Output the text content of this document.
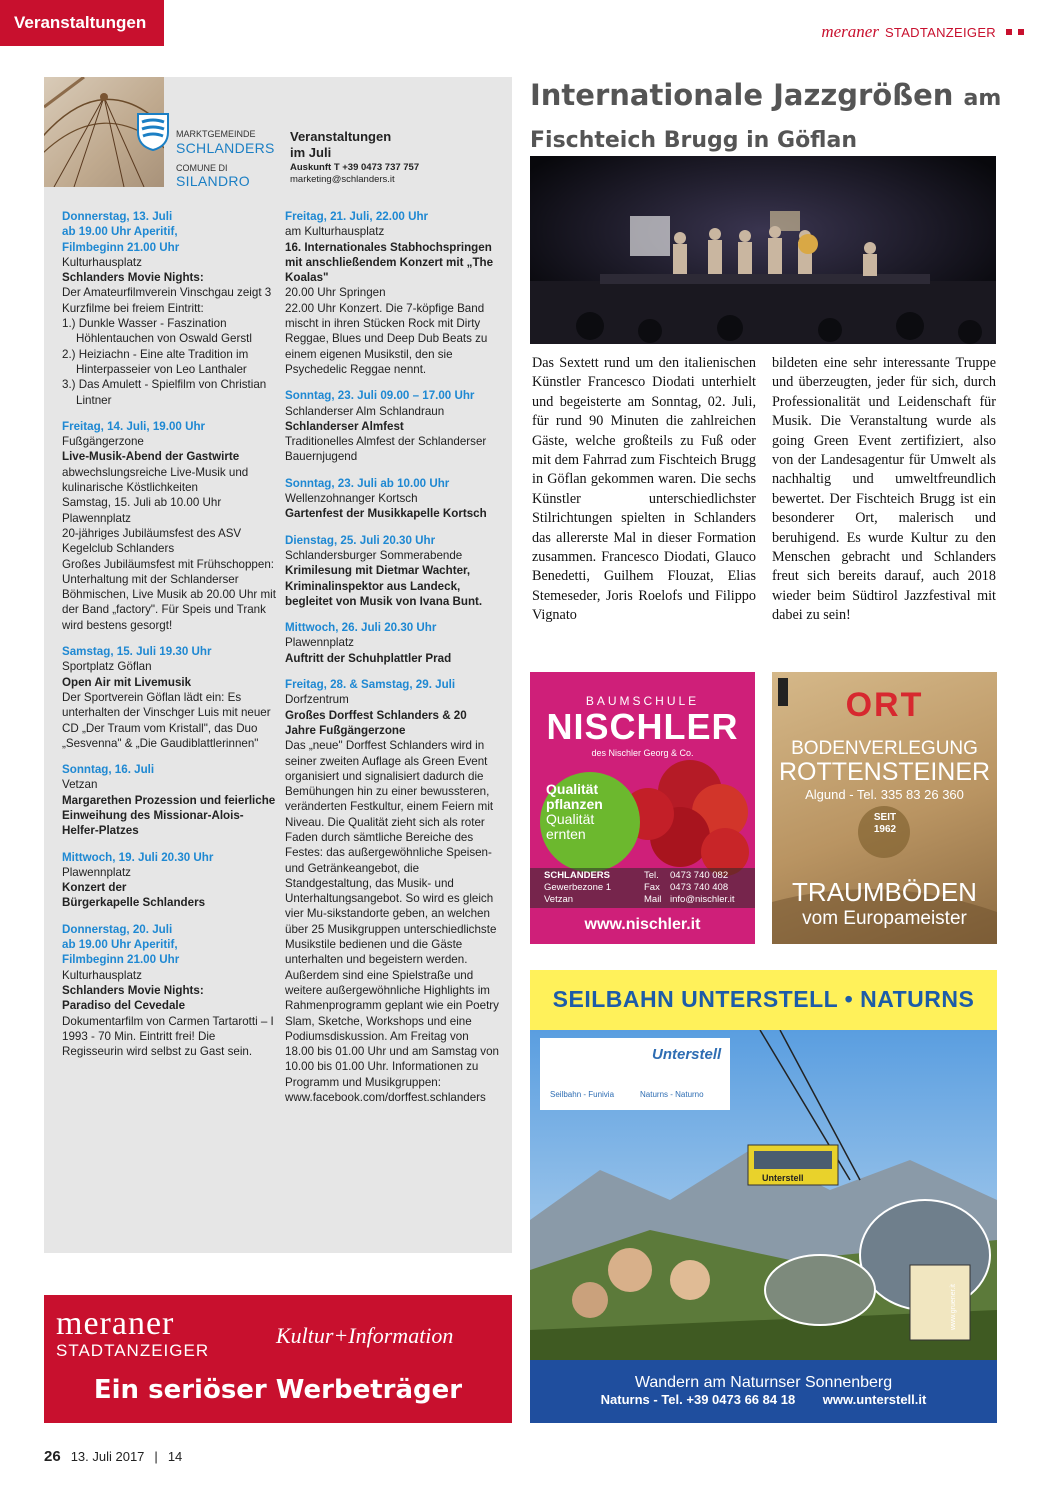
Veranstaltungen	meraner STADTANZEIGER
MARKTGEMEINDE
SCHLANDERS
COMUNE DI
SILANDRO
Veranstaltungen
im Juli
Auskunft T +39 0473 737 757
marketing@schlanders.it
Donnerstag, 13. Juli
ab 19.00 Uhr Aperitif,
Filmbeginn 21.00 Uhr
Kulturhausplatz
Schlanders Movie Nights:
Der Amateurfilmverein Vinschgau zeigt 3 Kurzfilme bei freiem Eintritt:
1.) Dunkle Wasser - Faszination Höhlentauchen von Oswald Gerstl
2.) Heiziachn - Eine alte Tradition im Hinterpasseier von Leo Lanthaler
3.) Das Amulett - Spielfilm von Christian Lintner
Freitag, 14. Juli, 19.00 Uhr
Fußgängerzone
Live-Musik-Abend der Gastwirte
abwechslungsreiche Live-Musik und kulinarische Köstlichkeiten
Samstag, 15. Juli ab 10.00 Uhr
Plawennplatz
20-jähriges Jubiläumsfest des ASV Kegelclub Schlanders
Großes Jubiläumsfest mit Frühschoppen: Unterhaltung mit der Schlanderser Böhmischen, Live Musik ab 20.00 Uhr mit der Band „factory". Für Speis und Trank wird bestens gesorgt!
Samstag, 15. Juli 19.30 Uhr
Sportplatz Göflan
Open Air mit Livemusik
Der Sportverein Göflan lädt ein: Es unterhalten der Vinschger Luis mit neuer CD „Der Traum vom Kristall", das Duo „Sesvenna" & „Die Gaudiblattlerinnen"
Sonntag, 16. Juli
Vetzan
Margarethen Prozession und feierliche Einweihung des Missionar-Alois-Helfer-Platzes
Mittwoch, 19. Juli 20.30 Uhr
Plawennplatz
Konzert der
Bürgerkapelle Schlanders
Donnerstag, 20. Juli
ab 19.00 Uhr Aperitif,
Filmbeginn 21.00 Uhr
Kulturhausplatz
Schlanders Movie Nights:
Paradiso del Cevedale
Dokumentarfilm von Carmen Tartarotti – I 1993 - 70 Min. Eintritt frei! Die Regisseurin wird selbst zu Gast sein.
Freitag, 21. Juli, 22.00 Uhr
am Kulturhausplatz
16. Internationales Stabhochspringen mit anschließendem Konzert mit „The Koalas"
20.00 Uhr Springen
22.00 Uhr Konzert. Die 7-köpfige Band mischt in ihren Stücken Rock mit Dirty Reggae, Blues und Deep Dub Beats zu einem eigenen Musikstil, den sie Psychedelic Reggae nennt.
Sonntag, 23. Juli 09.00 – 17.00 Uhr
Schlanderser Alm Schlandraun
Schlanderser Almfest
Traditionelles Almfest der Schlanderser Bauernjugend
Sonntag, 23. Juli ab 10.00 Uhr
Wellenzohnanger Kortsch
Gartenfest der Musikkapelle Kortsch
Dienstag, 25. Juli 20.30 Uhr
Schlandersburger Sommerabende
Krimilesung mit Dietmar Wachter, Kriminalinspektor aus Landeck, begleitet von Musik von Ivana Bunt.
Mittwoch, 26. Juli 20.30 Uhr
Plawennplatz
Auftritt der Schuhplattler Prad
Freitag, 28. & Samstag, 29. Juli
Dorfzentrum
Großes Dorffest Schlanders & 20 Jahre Fußgängerzone
Das „neue" Dorffest Schlanders wird in seiner zweiten Auflage als Green Event organisiert und signalisiert dadurch die Bemühungen hin zu einer bewussteren, veränderten Festkultur, einem Feiern mit Niveau. Die Qualität zieht sich als roter Faden durch sämtliche Bereiche des Festes: das außergewöhnliche Speisen- und Getränkeangebot, die Standgestaltung, das Musik- und Unterhaltungsangebot. So wird es gleich vier Mu-sikstandorte geben, an welchen über 25 Musikgruppen unterschiedlichste Musikstile bedienen und die Gäste unterhalten und begeistern werden. Außerdem sind eine Spielstraße und weitere außergewöhnliche Highlights im Rahmenprogramm geplant wie ein Poetry Slam, Sketche, Workshops und eine Podiumsdiskussion. Am Freitag von 18.00 bis 01.00 Uhr und am Samstag von 10.00 bis 01.00 Uhr. Informationen zu Programm und Musikgruppen: www.facebook.com/dorffest.schlanders
Internationale Jazzgrößen am
Fischteich Brugg in Göflan
Das Sextett rund um den italienischen Künstler Francesco Diodati unterhielt und begeisterte am Sonntag, 02. Juli, für rund 90 Minuten die zahlreichen Gäste, welche großteils zu Fuß oder mit dem Fahrrad zum Fischteich Brugg in Göflan gekommen waren. Die sechs Künstler unterschiedlichster Stilrichtungen spielten in Schlanders das allererste Mal in dieser Formation zusammen. Francesco Diodati, Glauco Benedetti, Guilhem Flouzat, Elias Stemeseder, Joris Roelofs und Filippo Vignato
bildeten eine sehr interessante Truppe und überzeugten, jeder für sich, durch Professionalität und Leidenschaft für Musik. Die Veranstaltung wurde als going Green Event zertifiziert, also von der Landesagentur für Umwelt als nachhaltig und umweltfreundlich bewertet. Der Fischteich Brugg ist ein besonderer Ort, malerisch und beruhigend. Es wurde Kultur zu den Menschen gebracht und Schlanders freut sich bereits darauf, auch 2018 wieder beim Südtirol Jazzfestival mit dabei zu sein!
BAUMSCHULE
NISCHLER
des Nischler Georg & Co.
Qualität
pflanzen
Qualität
ernten
SCHLANDERS
Gewerbezone 1
Vetzan
Tel. 0473 740 082
Fax 0473 740 408
Mail info@nischler.it
www.nischler.it
ORT
BODENVERLEGUNG
ROTTENSTEINER
Algund - Tel. 335 83 26 360
SEIT
1962
TRAUMBÖDEN
vom Europameister
SEILBAHN UNTERSTELL • NATURNS
Unterstell
Seilbahn - Funivia	Naturns - Naturno
Unterstell
www.gruener.it
Wandern am Naturnser Sonnenberg
Naturns - Tel. +39 0473 66 84 18 www.unterstell.it
meraner
STADTANZEIGER
Kultur+Information
Ein seriöser Werbeträger
26 13. Juli 2017 | 14
